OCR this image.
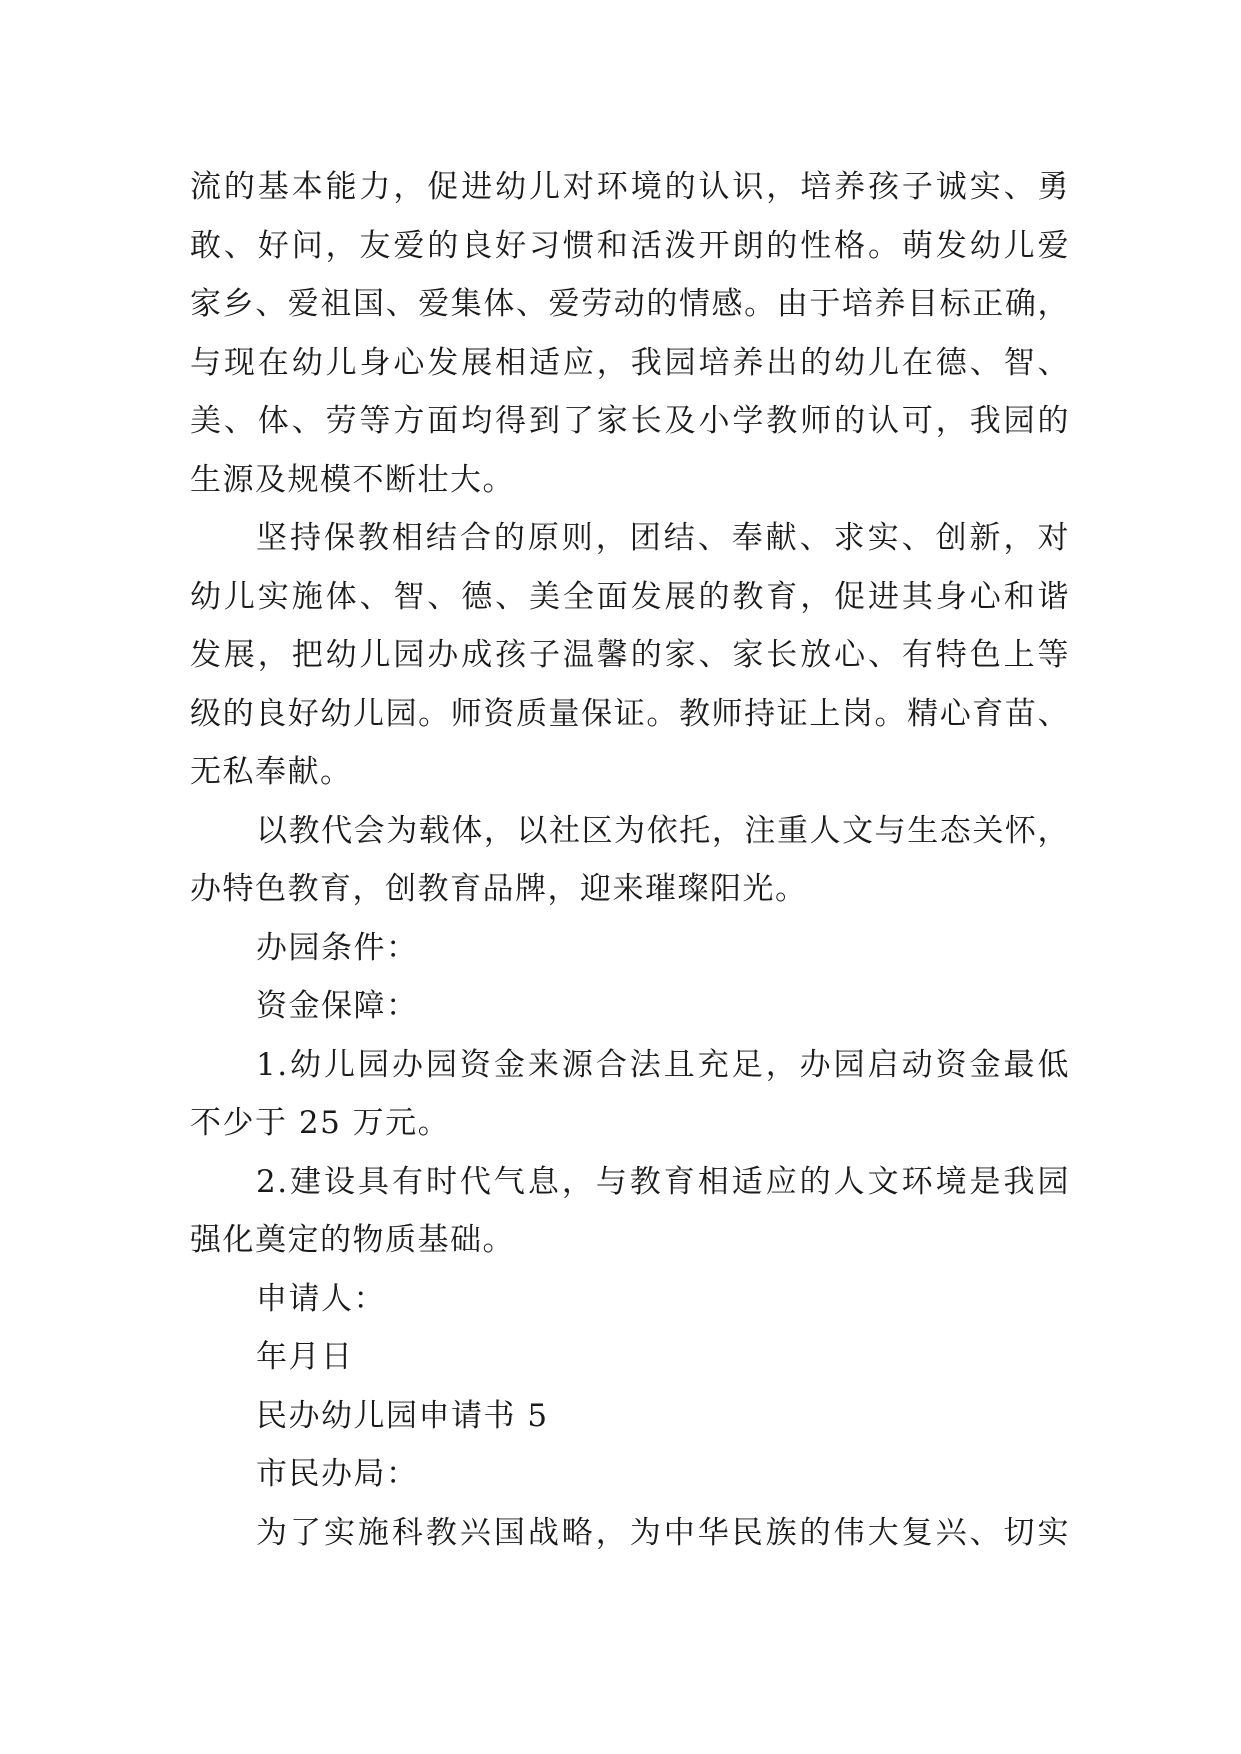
流的基本能力，促进幼儿对环境的认识，培养孩子诚实、勇
敢、好问，友爱的良好习惯和活泼开朗的性格。萌发幼儿爱
家乡、爱祖国、爱集体、爱劳动的情感。由于培养目标正确，
与现在幼儿身心发展相适应，我园培养出的幼儿在德、智、
美、体、劳等方面均得到了家长及小学教师的认可，我园的
生源及规模不断壮大。
坚持保教相结合的原则，团结、奉献、求实、创新，对
幼儿实施体、智、德、美全面发展的教育，促进其身心和谐
发展，把幼儿园办成孩子温馨的家、家长放心、有特色上等
级的良好幼儿园。师资质量保证。教师持证上岗。精心育苗、
无私奉献。
以教代会为载体，以社区为依托，注重人文与生态关怀，
办特色教育，创教育品牌，迎来璀璨阳光。
办园条件：
资金保障：
1.幼儿园办园资金来源合法且充足，办园启动资金最低
不少于 25 万元。
2.建设具有时代气息，与教育相适应的人文环境是我园
强化奠定的物质基础。
申请人：
年月日
民办幼儿园申请书 5
市民办局：
为了实施科教兴国战略，为中华民族的伟大复兴、切实
